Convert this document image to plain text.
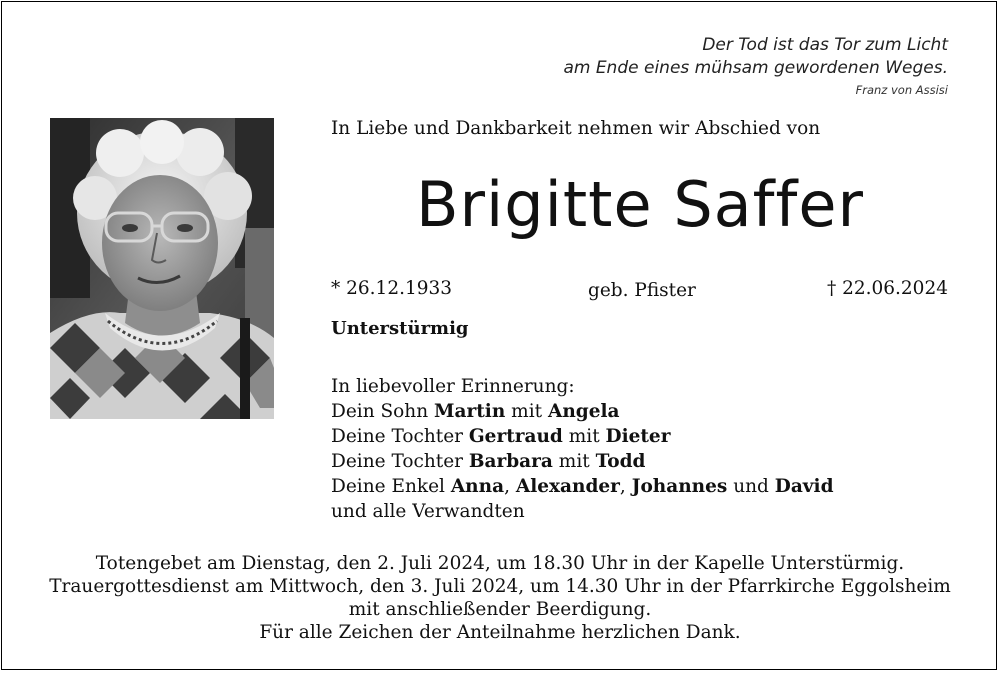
Der Tod ist das Tor zum Licht
am Ende eines mühsam gewordenen Weges.
Franz von Assisi
In Liebe und Dankbarkeit nehmen wir Abschied von
Brigitte Saffer
* 26.12.1933	geb. Pfister	† 22.06.2024
Unterstürmig
In liebevoller Erinnerung:
Dein Sohn Martin mit Angela
Deine Tochter Gertraud mit Dieter
Deine Tochter Barbara mit Todd
Deine Enkel Anna, Alexander, Johannes und David
und alle Verwandten
Totengebet am Dienstag, den 2. Juli 2024, um 18.30 Uhr in der Kapelle Unterstürmig.
Trauergottesdienst am Mittwoch, den 3. Juli 2024, um 14.30 Uhr in der Pfarrkirche Eggolsheim
mit anschließender Beerdigung.
Für alle Zeichen der Anteilnahme herzlichen Dank.
